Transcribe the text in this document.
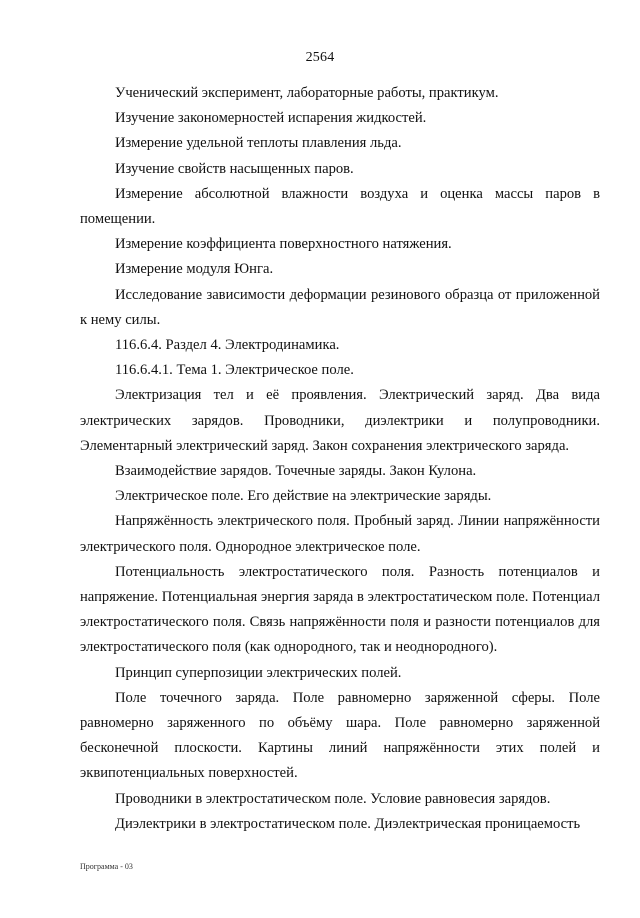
2564

Ученический эксперимент, лабораторные работы, практикум.

Изучение закономерностей испарения жидкостей.

Измерение удельной теплоты плавления льда.

Изучение свойств насыщенных паров.

Измерение абсолютной влажности воздуха и оценка массы паров в помещении.

Измерение коэффициента поверхностного натяжения.

Измерение модуля Юнга.

Исследование зависимости деформации резинового образца от приложенной к нему силы.

116.6.4. Раздел 4. Электродинамика.

116.6.4.1. Тема 1. Электрическое поле.

Электризация тел и её проявления. Электрический заряд. Два вида электрических зарядов. Проводники, диэлектрики и полупроводники. Элементарный электрический заряд. Закон сохранения электрического заряда.

Взаимодействие зарядов. Точечные заряды. Закон Кулона.

Электрическое поле. Его действие на электрические заряды.

Напряжённость электрического поля. Пробный заряд. Линии напряжённости электрического поля. Однородное электрическое поле.

Потенциальность электростатического поля. Разность потенциалов и напряжение. Потенциальная энергия заряда в электростатическом поле. Потенциал электростатического поля. Связь напряжённости поля и разности потенциалов для электростатического поля (как однородного, так и неоднородного).

Принцип суперпозиции электрических полей.

Поле точечного заряда. Поле равномерно заряженной сферы. Поле равномерно заряженного по объёму шара. Поле равномерно заряженной бесконечной плоскости. Картины линий напряжённости этих полей и эквипотенциальных поверхностей.

Проводники в электростатическом поле. Условие равновесия зарядов.

Диэлектрики в электростатическом поле. Диэлектрическая проницаемость

Программа - 03
